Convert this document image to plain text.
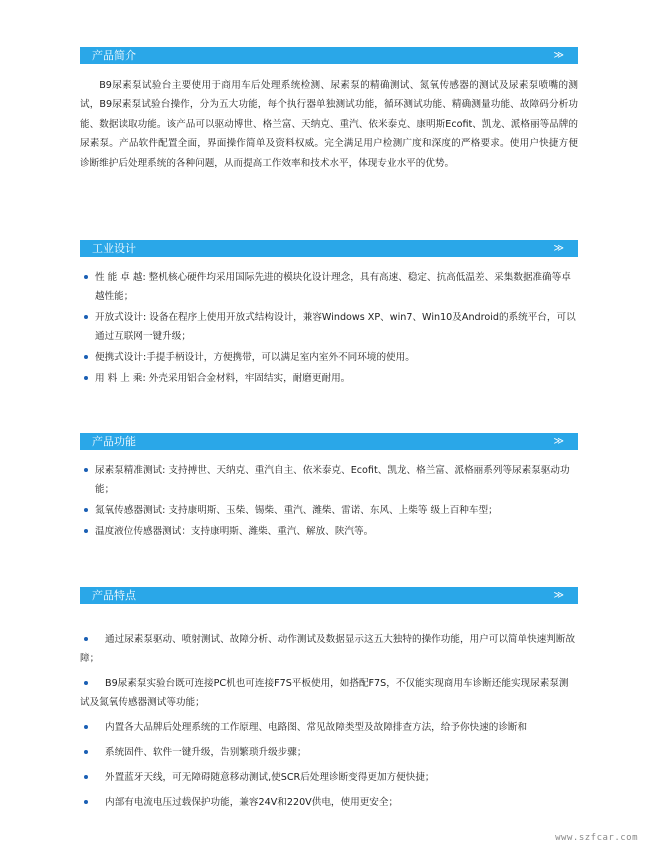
产品简介	≫

B9尿素泵试验台主要使用于商用车后处理系统检测、尿素泵的精确测试、氮氧传感器的测试及尿素泵喷嘴的测试，B9尿素泵试验台操作，分为五大功能，每个执行器单独测试功能，循环测试功能、精确测量功能、故障码分析功能、数据读取功能。该产品可以驱动博世、格兰富、天纳克、重汽、依米泰克、康明斯Ecofit、凯龙、派格丽等品牌的尿素泵。产品软件配置全面，界面操作简单及资料权威。完全满足用户检测广度和深度的严格要求。使用户快捷方便诊断维护后处理系统的各种问题，从而提高工作效率和技术水平，体现专业水平的优势。

工业设计	≫
性 能 卓 越: 整机核心硬件均采用国际先进的模块化设计理念，具有高速、稳定、抗高低温差、采集数据准确等卓越性能；
开放式设计: 设备在程序上使用开放式结构设计，兼容Windows XP、win7、Win10及Android的系统平台，可以通过互联网一键升级；
便携式设计:手提手柄设计，方便携带，可以满足室内室外不同环境的使用。
用 料 上 乘: 外壳采用铝合金材料，牢固结实，耐磨更耐用。
产品功能	≫
尿素泵精准测试: 支持搏世、天纳克、重汽自主、依米泰克、Ecofit、凯龙、格兰富、派格丽系列等尿素泵驱动功能；
氮氧传感器测试: 支持康明斯、玉柴、锡柴、重汽、潍柴、雷诺、东风、上柴等 级上百种车型；
温度液位传感器测试：支持康明斯、潍柴、重汽、解放、陕汽等。
产品特点	≫
通过尿素泵驱动、喷射测试、故障分析、动作测试及数据显示这五大独特的操作功能，用户可以简单快速判断故障；
B9尿素泵实验台既可连接PC机也可连接F7S平板使用，如搭配F7S，不仅能实现商用车诊断还能实现尿素泵测试及氮氧传感器测试等功能；
内置各大品牌后处理系统的工作原理、电路图、常见故障类型及故障排查方法，给予你快速的诊断和
系统固件、软件一键升级，告别繁琐升级步骤；
外置蓝牙天线，可无障碍随意移动测试,使SCR后处理诊断变得更加方便快捷；
内部有电流电压过载保护功能，兼容24V和220V供电，使用更安全；
www.szfcar.com
